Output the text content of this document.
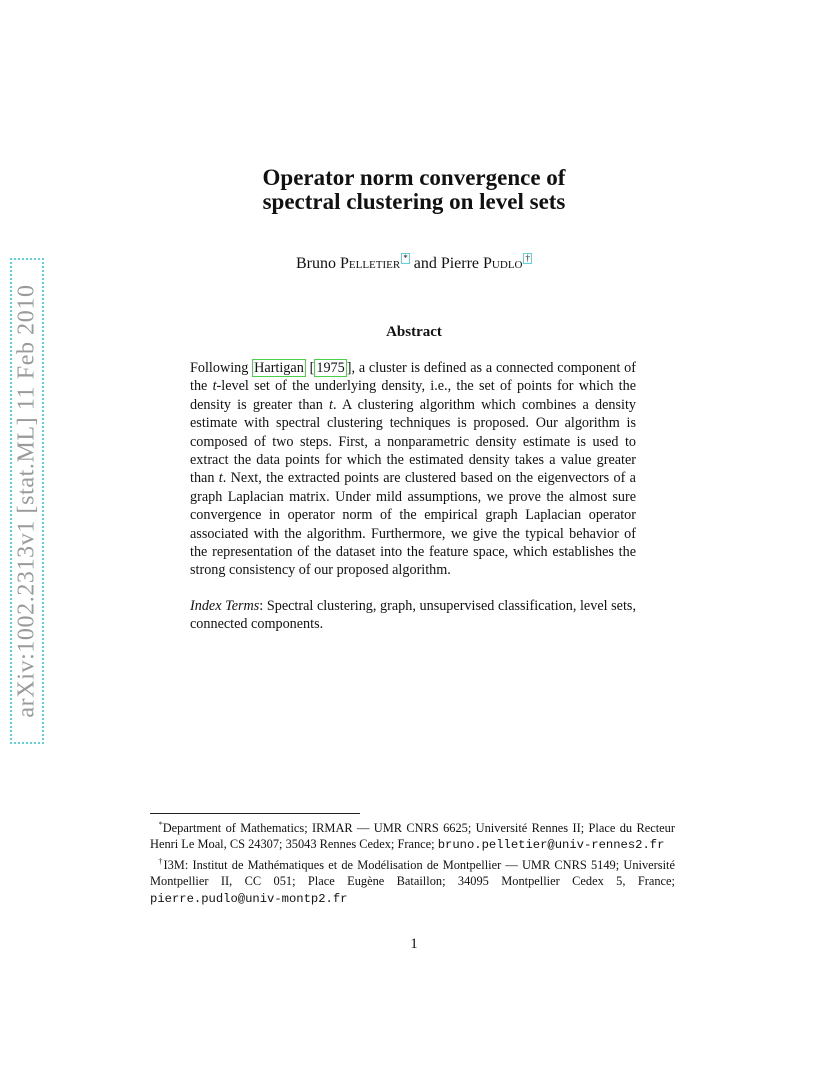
arXiv:1002.2313v1 [stat.ML] 11 Feb 2010
Operator norm convergence of
spectral clustering on level sets
Bruno Pelletier * and Pierre Pudlo †
Abstract
Following Hartigan [ 1975 ], a cluster is defined as a connected component of the t-level set of the underlying density, i.e., the set of points for which the density is greater than t. A clustering algorithm which combines a density estimate with spectral clustering techniques is proposed. Our algorithm is composed of two steps. First, a nonparametric density estimate is used to extract the data points for which the estimated density takes a value greater than t. Next, the extracted points are clustered based on the eigenvectors of a graph Laplacian matrix. Under mild assumptions, we prove the almost sure convergence in operator norm of the empirical graph Laplacian operator associated with the algorithm. Furthermore, we give the typical behavior of the representation of the dataset into the feature space, which establishes the strong consistency of our proposed algorithm.
Index Terms: Spectral clustering, graph, unsupervised classification, level sets, connected components.

*Department of Mathematics; IRMAR — UMR CNRS 6625; Université Rennes II; Place du Recteur Henri Le Moal, CS 24307; 35043 Rennes Cedex; France; bruno.pelletier@univ-rennes2.fr

†I3M: Institut de Mathématiques et de Modélisation de Montpellier — UMR CNRS 5149; Université Montpellier II, CC 051; Place Eugène Bataillon; 34095 Montpellier Cedex 5, France; pierre.pudlo@univ-montp2.fr

1
